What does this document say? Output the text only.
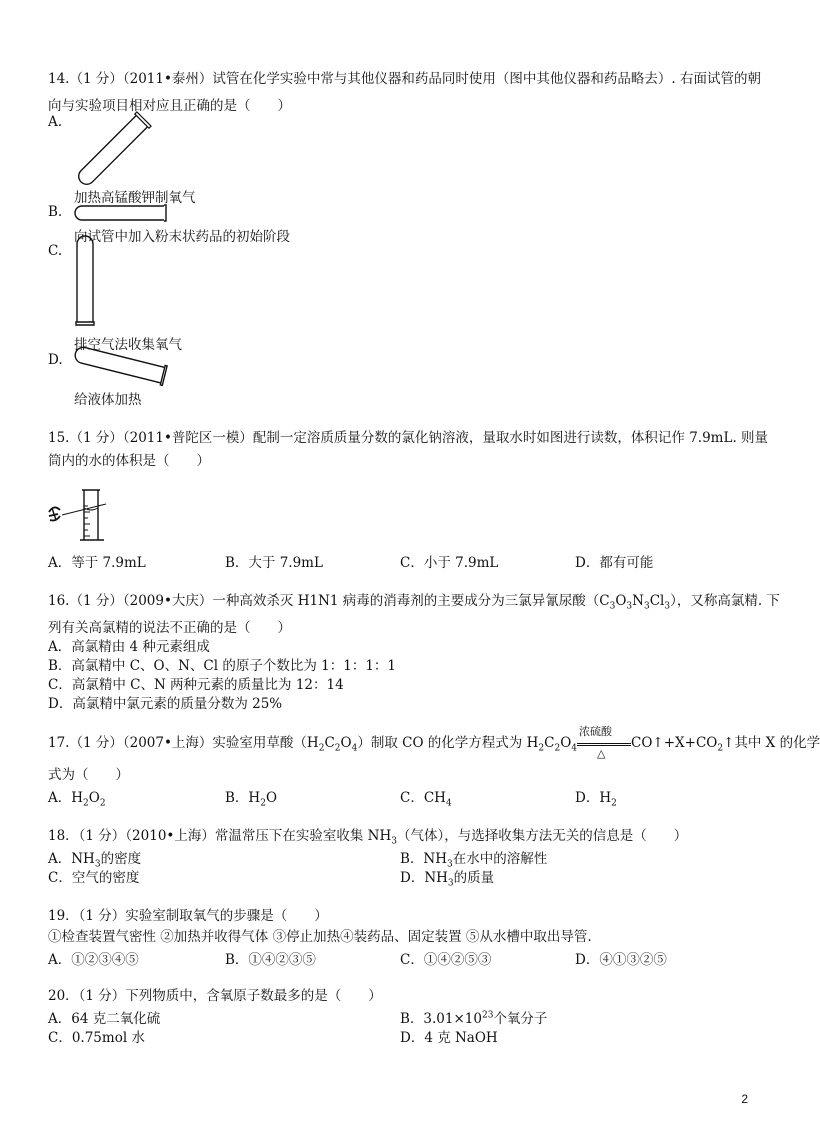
14.（1 分）（2011•泰州）试管在化学实验中常与其他仪器和药品同时使用（图中其他仪器和药品略去）. 右面试管的朝
向与实验项目相对应且正确的是（　　）
A.
加热高锰酸钾制氧气
B.
向试管中加入粉末状药品的初始阶段
C.
排空气法收集氧气
D.
给液体加热
15.（1 分）（2011•普陀区一模）配制一定溶质质量分数的氯化钠溶液，量取水时如图进行读数，体积记作 7.9mL. 则量
筒内的水的体积是（　　）
A．等于 7.9mL	B．大于 7.9mL	C．小于 7.9mL	D．都有可能
16.（1 分）（2009•大庆）一种高效杀灭 H1N1 病毒的消毒剂的主要成分为三氯异氰尿酸$(C_3O_3N_3Cl_3)$，又称高氯精. 下
列有关高氯精的说法不正确的是（　　）
A．高氯精由 4 种元素组成
B．高氯精中 C、O、N、Cl 的原子个数比为 1：1：1：1
C．高氯精中 C、N 两种元素的质量比为 12：14
D．高氯精中氯元素的质量分数为 25%
17.（1 分）（2007•上海）实验室用草酸$(H_2C_2O_4)$制取 CO 的化学方程式为 $H_2C_2O_4$
浓硫酸
△
$CO↑+X+CO_2↑$其中 X 的化学
式为（　　）
A．$H_2O_2$	B．$H_2O$	C．$CH_4$	D．$H_2$
18．（1 分）（2010•上海）常温常压下在实验室收集 $NH_3$（气体），与选择收集方法无关的信息是（　　）
A．$NH_3$的密度	B．$NH_3$在水中的溶解性
C．空气的密度	D．$NH_3$的质量
19．（1 分）实验室制取氧气的步骤是（　　）
①检查装置气密性 ②加热并收得气体 ③停止加热④装药品、固定装置 ⑤从水槽中取出导管.
A．①②③④⑤	B．①④②③⑤	C．①④②⑤③	D．④①③②⑤
20．（1 分）下列物质中，含氧原子数最多的是（　　）
A．64 克二氧化硫	B．$3.01\times 10^{23}$个氧分子
C．0.75mol 水	D．4 克 NaOH
2
